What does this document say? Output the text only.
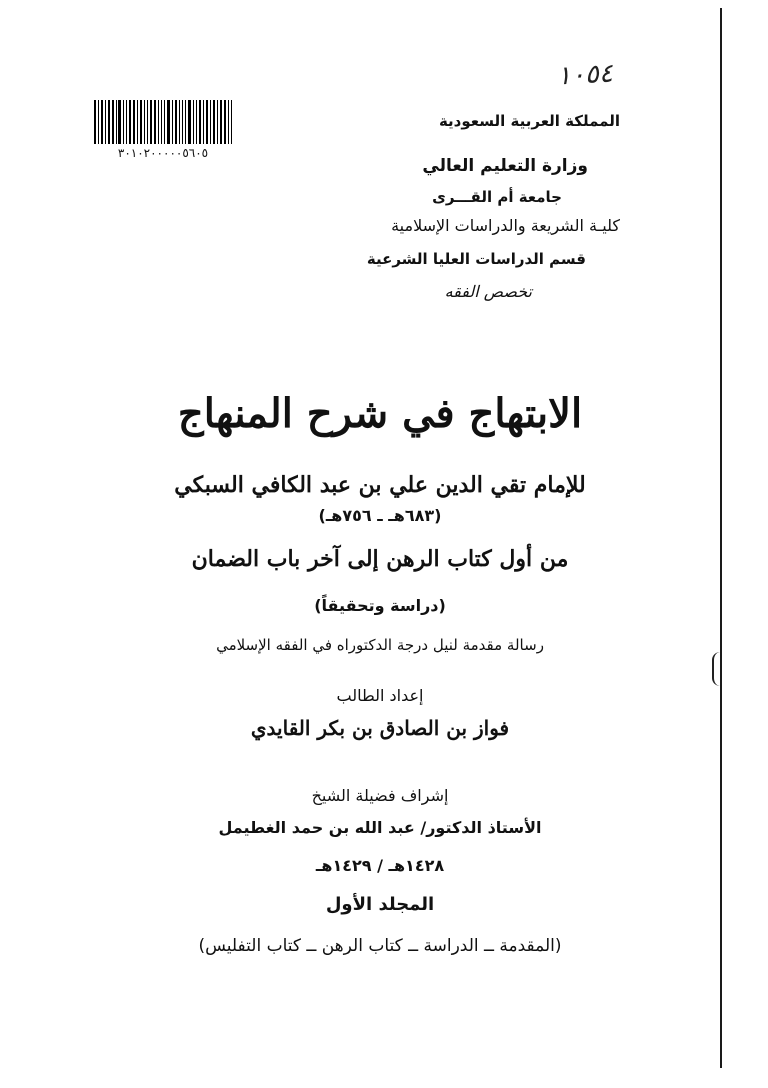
١٠٥٤
٣٠١٠٢٠٠٠٠٠٥٦٠٥
المملكة العربية السعودية
وزارة التعليم العالي
جامعة أم القـــرى
كليـة الشريعة والدراسات الإسلامية
قسم الدراسات العليا الشرعية
تخصص الفقه
الابتهاج في شرح المنهاج
للإمام تقي الدين علي بن عبد الكافي السبكي
(٦٨٣هـ ـ ٧٥٦هـ)
من أول كتاب الرهن إلى آخر باب الضمان
(دراسة وتحقيقاً)
رسالة مقدمة لنيل درجة الدكتوراه في الفقه الإسلامي
إعداد الطالب
فواز بن الصادق بن بكر القايدي
إشراف فضيلة الشيخ
الأستاذ الدكتور/ عبد الله بن حمد الغطيمل
١٤٢٨هـ / ١٤٢٩هـ
المجلد الأول
(المقدمة ــ الدراسة ــ كتاب الرهن ــ كتاب التفليس)
